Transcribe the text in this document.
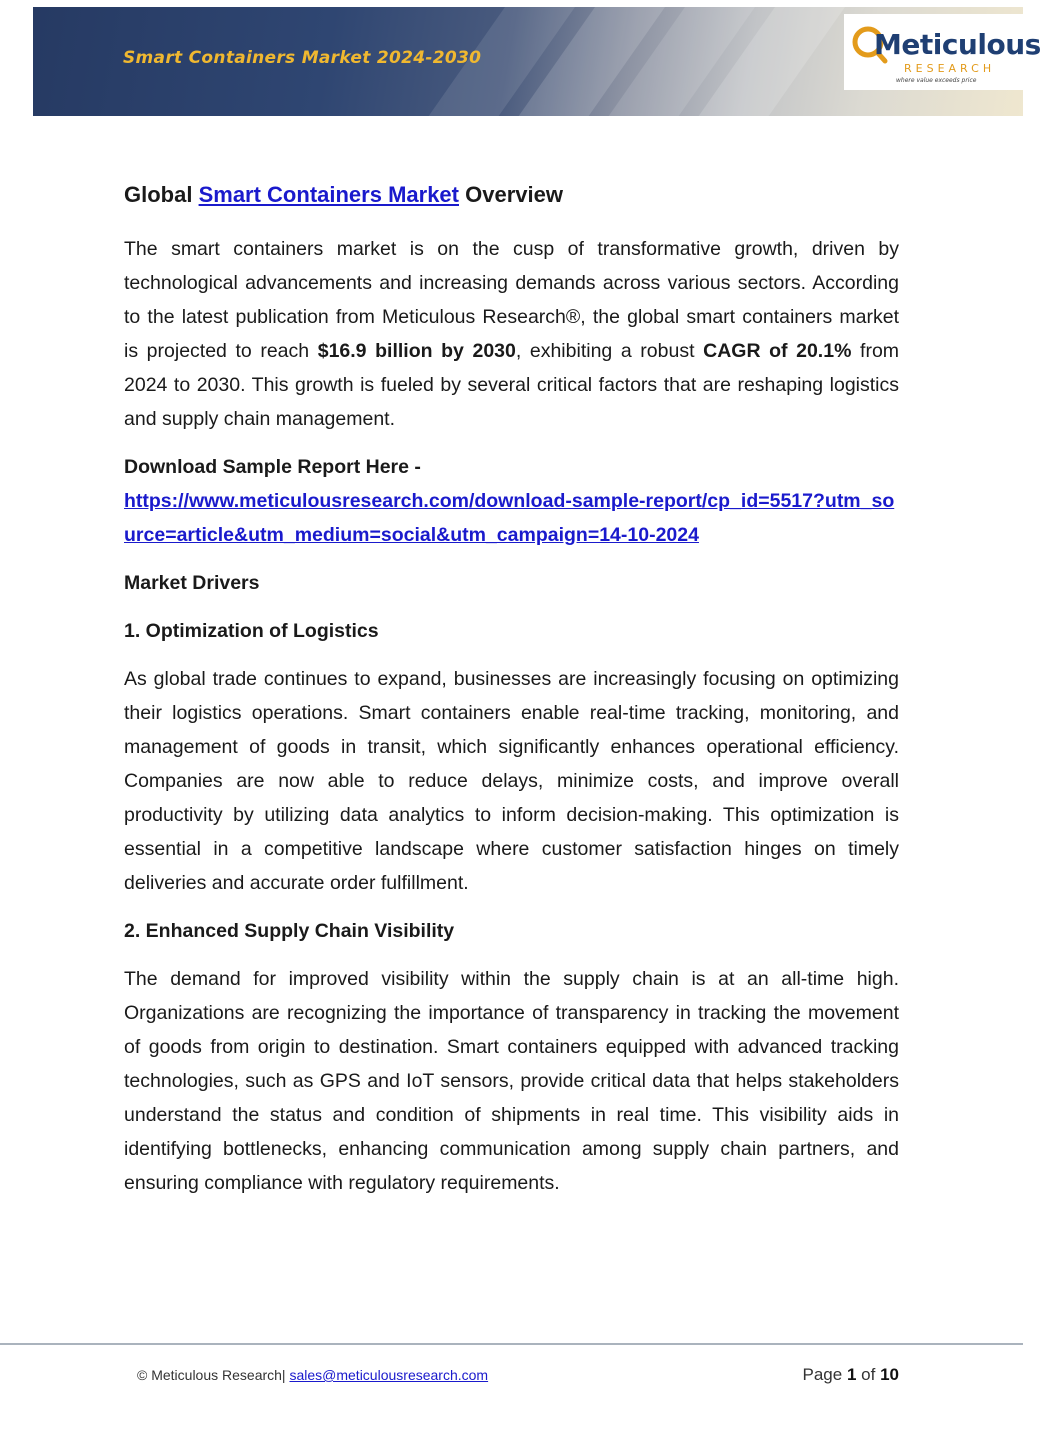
Smart Containers Market 2024-2030	Meticulous
RESEARCH
where value exceeds price
Global Smart Containers Market Overview

The smart containers market is on the cusp of transformative growth, driven by technological advancements and increasing demands across various sectors. According to the latest publication from Meticulous Research®, the global smart containers market is projected to reach $16.9 billion by 2030, exhibiting a robust CAGR of 20.1% from 2024 to 2030. This growth is fueled by several critical factors that are reshaping logistics and supply chain management.

Download Sample Report Here -
https://www.meticulousresearch.com/download-sample-report/cp_id=5517?utm_source=article&utm_medium=social&utm_campaign=14-10-2024

Market Drivers
1. Optimization of Logistics

As global trade continues to expand, businesses are increasingly focusing on optimizing their logistics operations. Smart containers enable real-time tracking, monitoring, and management of goods in transit, which significantly enhances operational efficiency. Companies are now able to reduce delays, minimize costs, and improve overall productivity by utilizing data analytics to inform decision-making. This optimization is essential in a competitive landscape where customer satisfaction hinges on timely deliveries and accurate order fulfillment.

2. Enhanced Supply Chain Visibility

The demand for improved visibility within the supply chain is at an all-time high. Organizations are recognizing the importance of transparency in tracking the movement of goods from origin to destination. Smart containers equipped with advanced tracking technologies, such as GPS and IoT sensors, provide critical data that helps stakeholders understand the status and condition of shipments in real time. This visibility aids in identifying bottlenecks, enhancing communication among supply chain partners, and ensuring compliance with regulatory requirements.

© Meticulous Research| sales@meticulousresearch.com	Page 1 of 10
